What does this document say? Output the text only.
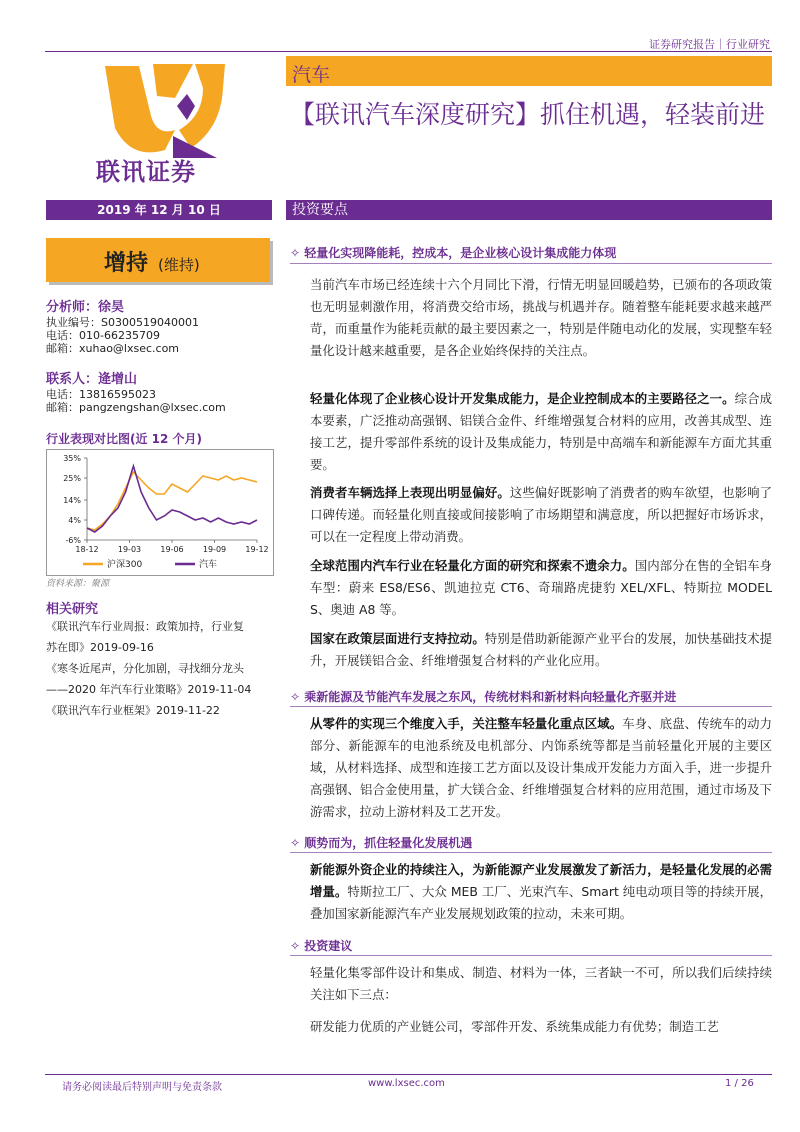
证券研究报告｜行业研究
联讯证券
汽车
【联讯汽车深度研究】抓住机遇，轻装前进
2019 年 12 月 10 日	投资要点
增持 (维持)
分析师：徐昊
执业编号：S0300519040001
电话：010-66235709
邮箱：xuhao@lxsec.com
联系人：逄增山
电话：13816595023
邮箱：pangzengshan@lxsec.com
行业表现对比图(近 12 个月)
35%
25%
14%
4%
-6%
18-12 19-03 19-06 19-09 19-12
沪深300	汽车
资料来源：聚源
相关研究
《联讯汽车行业周报：政策加持，行业复
苏在即》2019-09-16
《寒冬近尾声，分化加剧，寻找细分龙头
——2020 年汽车行业策略》2019-11-04
《联讯汽车行业框架》2019-11-22
✧ 轻量化实现降能耗，控成本，是企业核心设计集成能力体现
当前汽车市场已经连续十六个月同比下滑，行情无明显回暖趋势，已颁布的各项政策也无明显刺激作用，将消费交给市场，挑战与机遇并存。随着整车能耗要求越来越严苛，而重量作为能耗贡献的最主要因素之一，特别是伴随电动化的发展，实现整车轻量化设计越来越重要，是各企业始终保持的关注点。
轻量化体现了企业核心设计开发集成能力，是企业控制成本的主要路径之一。综合成本要素，广泛推动高强钢、铝镁合金件、纤维增强复合材料的应用，改善其成型、连接工艺，提升零部件系统的设计及集成能力，特别是中高端车和新能源车方面尤其重要。
消费者车辆选择上表现出明显偏好。这些偏好既影响了消费者的购车欲望，也影响了口碑传递。而轻量化则直接或间接影响了市场期望和满意度，所以把握好市场诉求，可以在一定程度上带动消费。
全球范围内汽车行业在轻量化方面的研究和探索不遗余力。国内部分在售的全铝车身车型：蔚来 ES8/ES6、凯迪拉克 CT6、奇瑞路虎捷豹 XEL/XFL、特斯拉 MODEL S、奥迪 A8 等。
国家在政策层面进行支持拉动。特别是借助新能源产业平台的发展，加快基础技术提升，开展镁铝合金、纤维增强复合材料的产业化应用。
✧ 乘新能源及节能汽车发展之东风，传统材料和新材料向轻量化齐驱并进
从零件的实现三个维度入手，关注整车轻量化重点区域。车身、底盘、传统车的动力部分、新能源车的电池系统及电机部分、内饰系统等都是当前轻量化开展的主要区域，从材料选择、成型和连接工艺方面以及设计集成开发能力方面入手，进一步提升高强钢、铝合金使用量，扩大镁合金、纤维增强复合材料的应用范围，通过市场及下游需求，拉动上游材料及工艺开发。
✧ 顺势而为，抓住轻量化发展机遇
新能源外资企业的持续注入，为新能源产业发展激发了新活力，是轻量化发展的必需增量。特斯拉工厂、大众 MEB 工厂、光束汽车、Smart 纯电动项目等的持续开展，叠加国家新能源汽车产业发展规划政策的拉动，未来可期。
✧ 投资建议
轻量化集零部件设计和集成、制造、材料为一体，三者缺一不可，所以我们后续持续关注如下三点：
研发能力优质的产业链公司，零部件开发、系统集成能力有优势；制造工艺
请务必阅读最后特别声明与免责条款	www.lxsec.com	1 / 26
